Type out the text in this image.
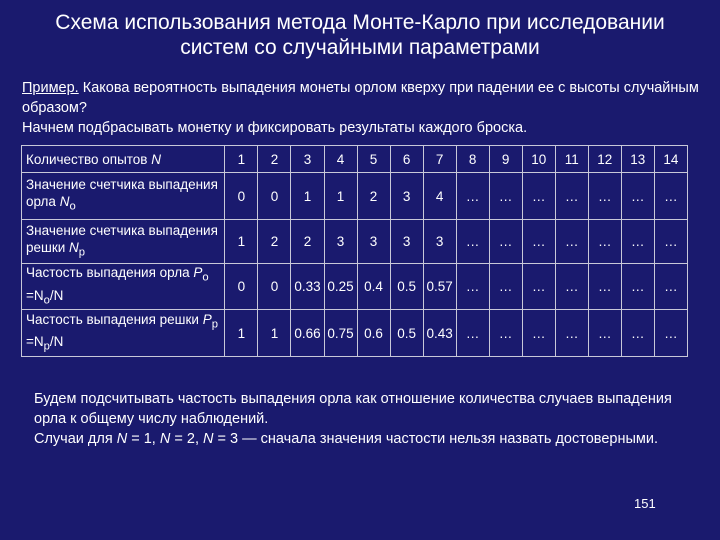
Схема использования метода Монте-Карло при исследовании
систем со случайными параметрами
Пример. Какова вероятность выпадения монеты орлом кверху при падении ее с высоты случайным образом?
Начнем подбрасывать монетку и фиксировать результаты каждого броска.
Количество опытов N	1	2	3	4	5	6	7	8	9	10	11	12	13	14
Значение счетчика выпадения орла $N_o$	0	0	1	1	2	3	4	…	…	…	…	…	…	…
Значение счетчика выпадения решки $N_p$	1	2	2	3	3	3	3	…	…	…	…	…	…	…
Частость выпадения орла $P_o =N_o/N$	0	0	0.33	0.25	0.4	0.5	0.57	…	…	…	…	…	…	…
Частость выпадения решки $P_p =N_p/N$	1	1	0.66	0.75	0.6	0.5	0.43	…	…	…	…	…	…	…
Будем подсчитывать частость выпадения орла как отношение количества случаев выпадения орла к общему числу наблюдений.
Случаи для N = 1, N = 2, N = 3 — сначала значения частости нельзя назвать достоверными.
151
